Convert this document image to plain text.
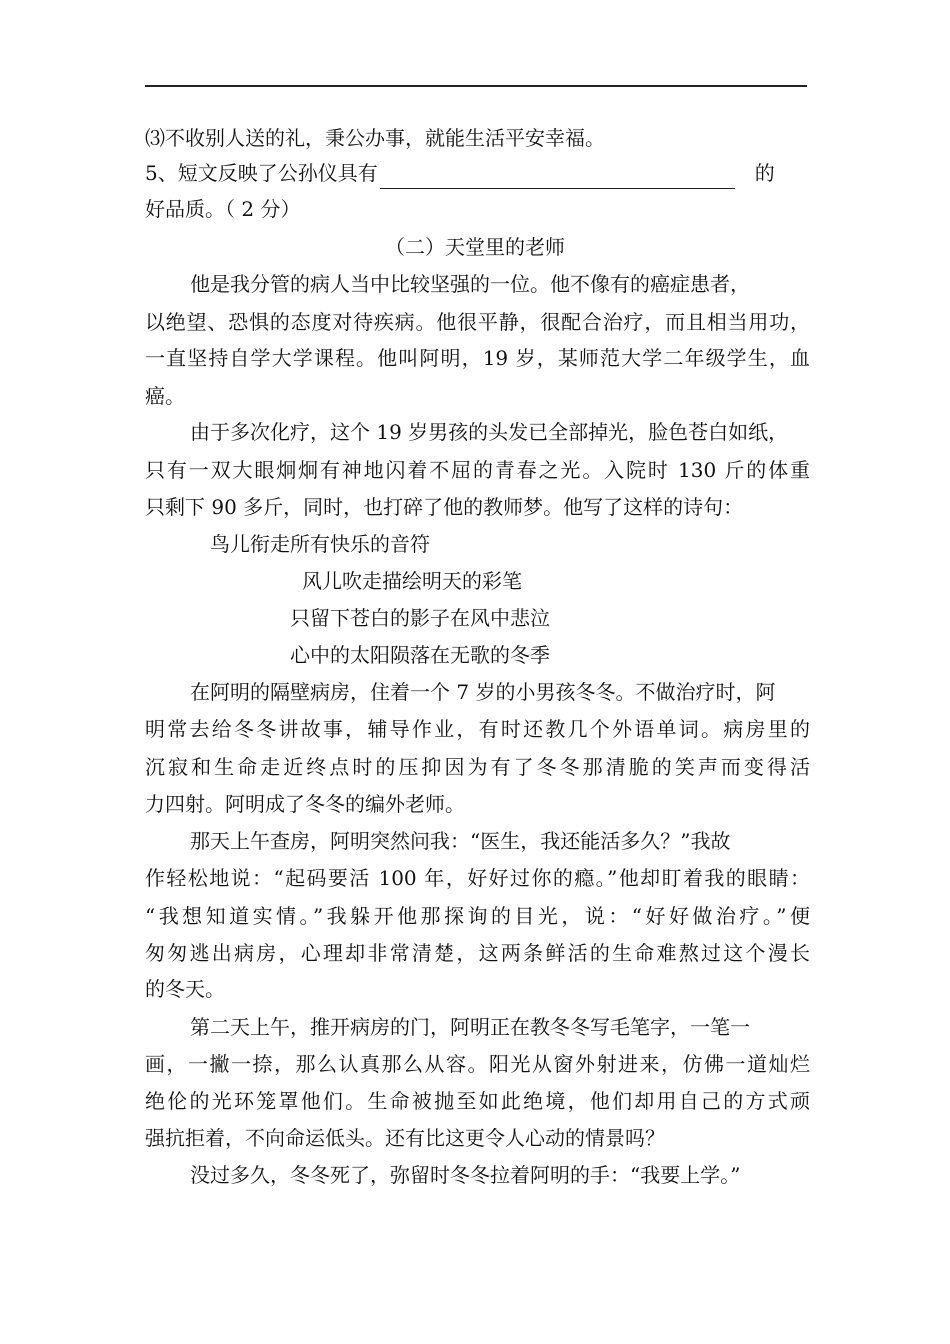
⑶不收别人送的礼，秉公办事，就能生活平安幸福。
5、短文反映了公孙仪具有	的
好品质。（ 2 分）
（二）天堂里的老师
他是我分管的病人当中比较坚强的一位。他不像有的癌症患者，
以绝望、恐惧的态度对待疾病。他很平静，很配合治疗，而且相当用功，
一直坚持自学大学课程。他叫阿明，19 岁，某师范大学二年级学生，血
癌。
由于多次化疗，这个 19 岁男孩的头发已全部掉光，脸色苍白如纸，
只有一双大眼炯炯有神地闪着不屈的青春之光。入院时 130 斤的体重
只剩下 90 多斤，同时，也打碎了他的教师梦。他写了这样的诗句：
鸟儿衔走所有快乐的音符
风儿吹走描绘明天的彩笔
只留下苍白的影子在风中悲泣
心中的太阳陨落在无歌的冬季
在阿明的隔壁病房，住着一个 7 岁的小男孩冬冬。不做治疗时，阿
明常去给冬冬讲故事，辅导作业，有时还教几个外语单词。病房里的
沉寂和生命走近终点时的压抑因为有了冬冬那清脆的笑声而变得活
力四射。阿明成了冬冬的编外老师。
那天上午查房，阿明突然问我：“医生，我还能活多久？”我故
作轻松地说：“起码要活 100 年，好好过你的瘾。”他却盯着我的眼睛：
“我想知道实情。”我躲开他那探询的目光，说：“好好做治疗。”便
匆匆逃出病房，心理却非常清楚，这两条鲜活的生命难熬过这个漫长
的冬天。
第二天上午，推开病房的门，阿明正在教冬冬写毛笔字，一笔一
画，一撇一捺，那么认真那么从容。阳光从窗外射进来，仿佛一道灿烂
绝伦的光环笼罩他们。生命被抛至如此绝境，他们却用自己的方式顽
强抗拒着，不向命运低头。还有比这更令人心动的情景吗？
没过多久，冬冬死了，弥留时冬冬拉着阿明的手：“我要上学。”
